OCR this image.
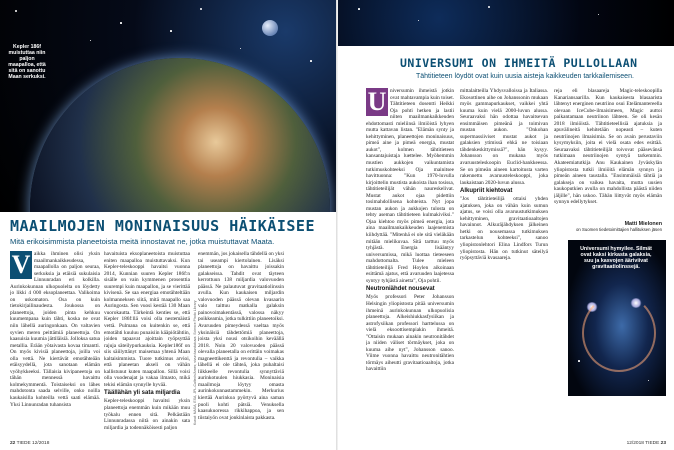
Kepler 186f muistuttaa niin paljon maapalloa, että sitä on sanottu Maan serkuksi.
MAAILMOJEN MONINAISUUS HÄIKÄISEE
Mitä erikoisimmista planeetoista meitä innostavat ne, jotka muistuttavat Maata.
V aikka ihminen olisi yksin maailmankaikkeudessa, maapallolla on paljon seuraa, serkuksia ja etäisiä sukulaisia Linnunradan eri kolkilla. Aurinkokunnan ulkopuolelta on löydetty jo likki 4 000 eksoplaneettaa. Valikoima on uskomaton. Osa on kuin tietokirjailinaudesta. Joukossa on planeettoja, joiden pinta kehkuu kuumempana kuin tähti, koska ne ovat niin lähellä auringonkaan. On valtavien syvien meren peittämiä planeettoja. On kaasuisia kuumia jättiläisiä. Jolloksa satua metallia. Erään yötaivasta kovaa timantti. On myös kivisiä planeettoja, joilla voi olla vettä. Ne kiertävät emotähteään etäisyydellä, jota sanotaan elämän vyöhykkeeksi. Tällaisia kivipaneetoja on tähän mennessä havaittu kolmekymmentä. Toistaiseksi on lähes mahdotonta saada selville, onko noilla kaukaisilla kohteilla vettä saati elämää. Yksi Linnunradan tuhansista

havaituista eksoplaneetoista muistuttaa eniten maapalloa muistuttavaksi. Kun Kepler-teleskooppi havaitsi vuonna 2014, Kunnian suuren Kepler 186f:n sisälle on vain kymmenen prosenttia suurempi kuin maapallon, ja se vierittää kivisenä. Se saa energiaa emotähteltään kolmanneksen siitä, mitä maapallo saa Auringosta. Sen vuosi kestää 130 Maan vuorokautta. Tärkeintä kenties se, että Kepler 186f:llä voisi olla nestemäistä vettä. Pulmana on kuitenkin se, että emotähti kuuluu punaisiin kääpiötähtiin, joiden tapaavat ajoittain ryöpsyttää rajuja säteilypurkauksia. Kepler186f on siis säiilyttänyt maisemaa yhtenä Maan kaltaisimmista. Tuore tutkimus arvioi, että planeetan akseli on vähän kallistunut kuten maapallon. Sillä voisi olla vuodenajat ja vakaa ilmasto, mikä tekisi elämän synnylle hyvää.

Täällähän yli sata miljardia

Kepler-teleskooppi havaitsi yksin planeettoja enemmän kuin mikään muu työkalu ennen sitä. Pelkästään Linnunradassa niitä on ainakin sata miljardia ja todennäköisesti paljon

enemmän, jos jokaisella tähdellä on yksi tai useampi kiertolainen. Lisäksi planeettoja on havaittu joissakin galakseissa. Tahdit ovat täyteen kerrottuun 138 miljardia valovuoden päässä. Ne palautuvat gravitaatiolinssin avulla. Kun kaukaisen miljardin valovuoden päässä olevan kvasaarin valo taittuu matkalla galaksin painovoimakentässä, valossa näkyy poikkeamia, jotka tulkittiin planeetoiksi. Avaruuden pimeydessä vaeltaa myös yksinäisiä tähdettömiä planeettoja, joista yksi nousi otsikoihin keväällä 2018. Noin 20 valovuoden päässä olevalla planeetalla on erittäin voimakas magneettikenttä ja revontulia – vaikka lähellä ei ole tähteä, joka puhaltaisi liikkeelle revontulia synnyttäviä aurinkotuulen hiukkasia. Moninaisia maailmoja löytyy omasta aurinkokunnastammekin. Merkurius kiertää Aurinkoa pyörtyvä aina saman puoli kohti pätsiä. Venuksella kaasukuoressa rikkihappoa, ja sen tiistaiyön ovat jonkinlaista pakkasta.

Kuvat: NASA, ESA, JPL-Caltech/Ames; sivun taustakuva: Science Photo Library
22 TIEDE 12/2018
UNIVERSUMI ON IHMEITÄ PULLOLLAAN
Tähtitieteen löydöt ovat kuin uusia aisteja kaikkeuden tarkkailemiseen.
U niversumin ihmeistä jotkin ovat mahtavampia kuin toiset. Tähtitieteen dosentti Heikki Oja pohti hetken ja lastii niiten maailmankaikkeuden ehdottomasti mieliinsä ilmiöistä lyhyen mutta kattavan listan. "Elämän synty ja kehittyminen, planeettojen moninaisuus, pimeä aine ja pimeä energia, mustat aukot", kolmen tähtitieteen kansantajuistaja luettelee. Myöhemmin mustien aukkojen vaikuntamista tutkimuskohteeksi Oja mainitsee havittuonna: "Kun 1970-luvulla kirjoittelin mustista aukoista ihan tosissa, tähtitieteilijät vähän naureskelivat. Mustat aukot ojaa pidettiin tosimahdollisena kohteista. Nyt jopa mustan aukon ja aukkojen tulosta on tehty aseman tähtitieteen kulmakiviksi." Ojaa kiehtoo myös pimeä energia, jota aina maailmankaikkeuden laajenemista kiihdyttää. "Mitenhä ei ole sitä vieläkään mitään mielikuvaa. Sitä tarttuu myös tyhjästä. Energia lisääntyy universumissa, mikä luottaa tieteeseen mahdottomalta. Tulee mieleen tähtitieteilijä Fred Hoylen aikoinaan esittämä ajatus, että avaruuden laajetessa syntyy tyhjästä ainetta", Oja pohtii.

Neutroniähdet nousevat

Myös professori Peter Johansson Helsingin yliopistosta pitää universumin ihmeinä aurinkokunnan ulkopuolisia planeettoja. Alkeishiukkasfysiikan ja astrofysiikan professori harttelussa on vielä eksoottisempiakin ihmeitä. "Ottaisin mukaan ainakin neutronitähdet ja niiden väliset törmäykset, joka on kuuma aihe nyt", Johansson sanoo. Viime vuonna havaittu neutronitähtien törmäys aiheutti gravitaatioaaltoja, jotka havaittiin

mittalaitteilla Yhdysvalloissa ja Italiassa. Ekosottinen aihe on Johanssonin mukaan myös gammapurkaukset, vaikkei yhtä kuuma kuin vielä 2000-luvun alussa. Seuraavaksi hän odottaa havaitsevan ensimmäisen pimeänä ja toimivan mustan aukon. "Onkohan supermassiiviset mustat aukot ja galaksien ytimissä ehkä ne toisiaan tähdenkeskittymissä?", hän kysyy. Johansson on mukana myös avaruusteleskoopin Euclid-hankkeessa. Se on pimeän aineen kartoitusta varten rakennettu avaruusteleskooppi, joka laukaistaan 2020-luvun alussa.

Alkupriit kiehtovat

"Jos tähtitieteilijä ottaisi yhden ajatuksen, joka on vähän kuin sumun ajatus, se voisi olla avaruustutkimuksen kehittyminen, gravitaatioaaltojen havainnot. Alkuräjähdyksen jälkeinen hetki on nousemassa tutkimuksen tarkastelun kohteeksi", sanoo yliopistonlehtori Elina Lindfors Turun yliopistosta. Hän on tutkinut säteilyä ryöpsyttäviä kvasaareja.

reja eli blasaareja Magic-teleskoopilla Kanariansaarilla. Kun kaukaisesta blasaarista lähtenyt energinen neutriino osui Etelämantereella olevaan IceCube-ilmaisimeen, Magic auttoi paikantamaan neutriinon lähteen. Se oli kesän 2018 ilmiöistä. Tähtitieteellisiä ajatuksia ja apuvälineitä kehitetään nopeasti – kuten neutriinojen ilmaisimia. Se on avain perustaviin kysymyksiin, joita ei vielä osata edes esittää. Seuraavaksi tähtitieteilijät toivovat pääsevänsä tutkimaan neutriinojen syntyä tarkemmin. Akateemiatutkija Anu Kaukainen Jyväskylän yliopistosta tutkii ilmiöitä elämän synnyn ja pimeän aineen taustalla. "Ensimmäisiä tähtiä ja galakseja on vaikea havaita, mutta uusien kaukoputkien avulla on mahdollista päästä niiden jäljille", hän uskoo. Tähän liittyvät myös elämän synnyn edellytykset.

Matti Mielonen
on Suomen tiedetoimittajien hallituksen jäsen
Universumi hymyilee. Silmät ovat kaksi kirkasta galaksia, suu ja kasvojen ääriviivat gravitaatiolinssejä.
12/2018 TIEDE 23
